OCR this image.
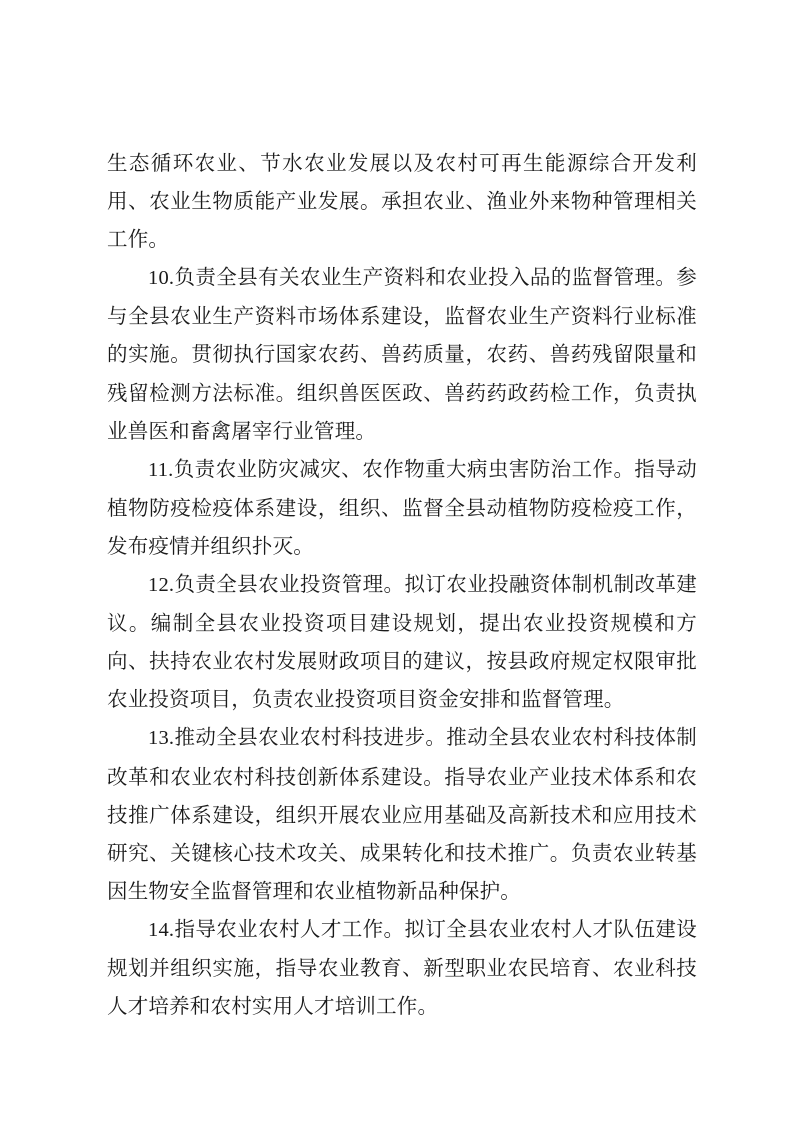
生态循环农业、节水农业发展以及农村可再生能源综合开发利用、农业生物质能产业发展。承担农业、渔业外来物种管理相关工作。

10.负责全县有关农业生产资料和农业投入品的监督管理。参与全县农业生产资料市场体系建设，监督农业生产资料行业标准的实施。贯彻执行国家农药、兽药质量，农药、兽药残留限量和残留检测方法标准。组织兽医医政、兽药药政药检工作，负责执业兽医和畜禽屠宰行业管理。

11.负责农业防灾减灾、农作物重大病虫害防治工作。指导动植物防疫检疫体系建设，组织、监督全县动植物防疫检疫工作，发布疫情并组织扑灭。

12.负责全县农业投资管理。拟订农业投融资体制机制改革建议。编制全县农业投资项目建设规划，提出农业投资规模和方向、扶持农业农村发展财政项目的建议，按县政府规定权限审批农业投资项目，负责农业投资项目资金安排和监督管理。

13.推动全县农业农村科技进步。推动全县农业农村科技体制改革和农业农村科技创新体系建设。指导农业产业技术体系和农技推广体系建设，组织开展农业应用基础及高新技术和应用技术研究、关键核心技术攻关、成果转化和技术推广。负责农业转基因生物安全监督管理和农业植物新品种保护。

14.指导农业农村人才工作。拟订全县农业农村人才队伍建设规划并组织实施，指导农业教育、新型职业农民培育、农业科技人才培养和农村实用人才培训工作。
